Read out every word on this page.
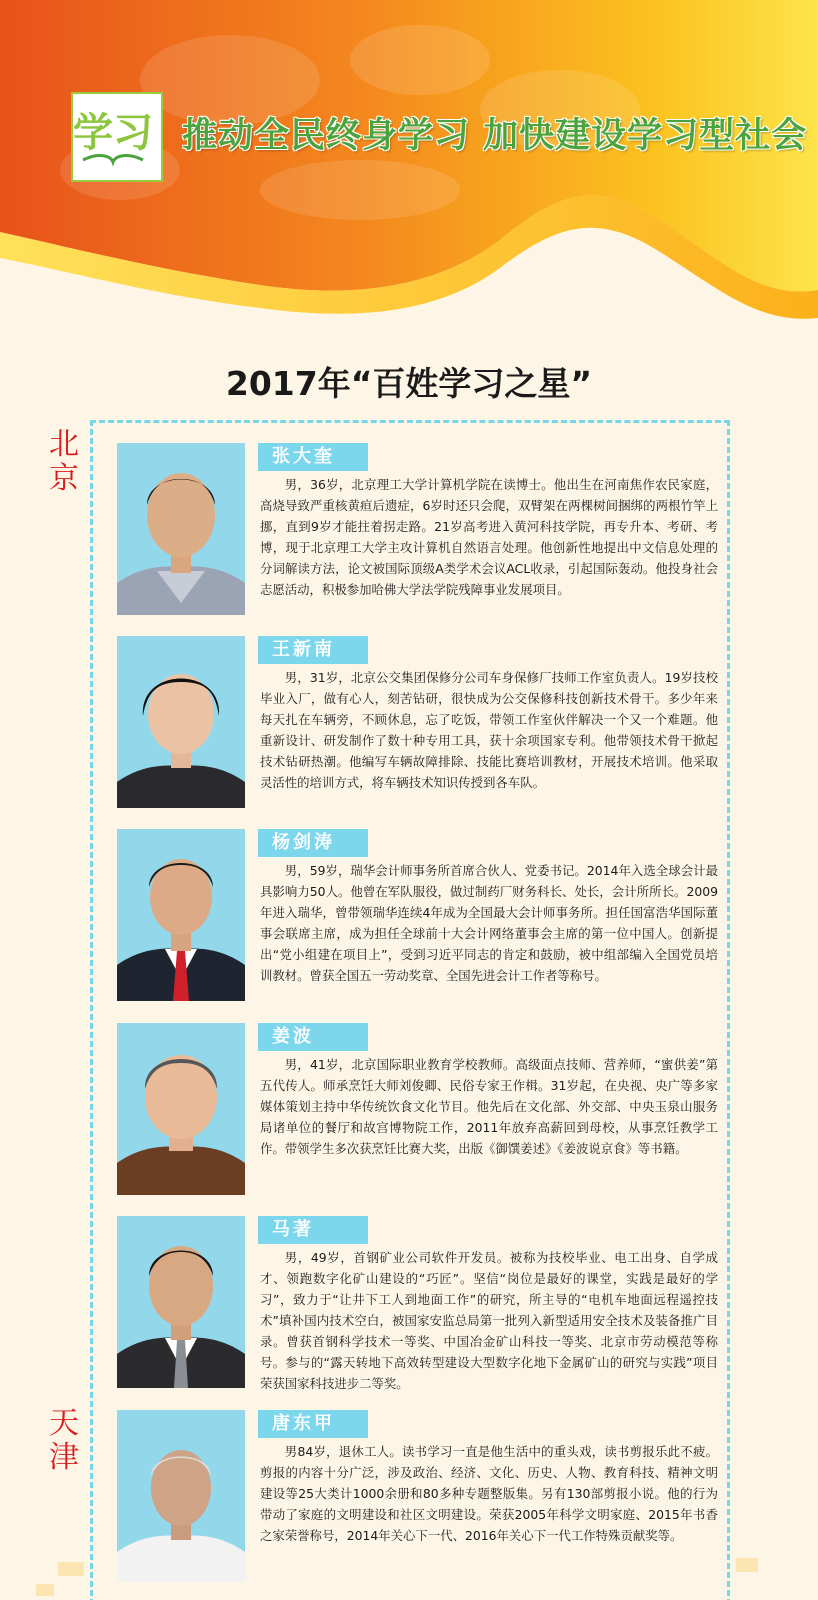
学习 推动全民终身学习 加快建设学习型社会
2017年“百姓学习之星”
北
京
天
津
张大奎
男，36岁，北京理工大学计算机学院在读博士。他出生在河南焦作农民家庭，高烧导致严重核黄疸后遗症，6岁时还只会爬，双臂架在两棵树间捆绑的两根竹竿上挪，直到9岁才能拄着拐走路。21岁高考进入黄河科技学院，再专升本、考研、考博，现于北京理工大学主攻计算机自然语言处理。他创新性地提出中文信息处理的分词解读方法，论文被国际顶级A类学术会议ACL收录，引起国际轰动。他投身社会志愿活动，积极参加哈佛大学法学院残障事业发展项目。
王新南
男，31岁，北京公交集团保修分公司车身保修厂技师工作室负责人。19岁技校毕业入厂，做有心人，刻苦钻研，很快成为公交保修科技创新技术骨干。多少年来每天扎在车辆旁，不顾休息，忘了吃饭，带领工作室伙伴解决一个又一个难题。他重新设计、研发制作了数十种专用工具，获十余项国家专利。他带领技术骨干掀起技术钻研热潮。他编写车辆故障排除、技能比赛培训教材，开展技术培训。他采取灵活性的培训方式，将车辆技术知识传授到各车队。
杨剑涛
男，59岁，瑞华会计师事务所首席合伙人、党委书记。2014年入选全球会计最具影响力50人。他曾在军队服役，做过制药厂财务科长、处长，会计所所长。2009年进入瑞华，曾带领瑞华连续4年成为全国最大会计师事务所。担任国富浩华国际董事会联席主席，成为担任全球前十大会计网络董事会主席的第一位中国人。创新提出“党小组建在项目上”，受到习近平同志的肯定和鼓励，被中组部编入全国党员培训教材。曾获全国五一劳动奖章、全国先进会计工作者等称号。
姜波
男，41岁，北京国际职业教育学校教师。高级面点技师、营养师，“蜜供姜”第五代传人。师承烹饪大师刘俊卿、民俗专家王作楫。31岁起，在央视、央广等多家媒体策划主持中华传统饮食文化节目。他先后在文化部、外交部、中央玉泉山服务局诸单位的餐厅和故宫博物院工作，2011年放弃高薪回到母校，从事烹饪教学工作。带领学生多次获烹饪比赛大奖，出版《御馔姜述》《姜波说京食》等书籍。
马著
男，49岁，首钢矿业公司软件开发员。被称为技校毕业、电工出身、自学成才、领跑数字化矿山建设的“巧匠”。坚信“岗位是最好的课堂，实践是最好的学习”，致力于“让井下工人到地面工作”的研究，所主导的“电机车地面远程遥控技术”填补国内技术空白，被国家安监总局第一批列入新型适用安全技术及装备推广目录。曾获首钢科学技术一等奖、中国冶金矿山科技一等奖、北京市劳动模范等称号。参与的“露天转地下高效转型建设大型数字化地下金属矿山的研究与实践”项目荣获国家科技进步二等奖。
唐东甲
男84岁，退休工人。读书学习一直是他生活中的重头戏，读书剪报乐此不疲。剪报的内容十分广泛，涉及政治、经济、文化、历史、人物、教育科技、精神文明建设等25大类计1000余册和80多种专题整版集。另有130部剪报小说。他的行为带动了家庭的文明建设和社区文明建设。荣获2005年科学文明家庭、2015年书香之家荣誉称号，2014年关心下一代、2016年关心下一代工作特殊贡献奖等。
